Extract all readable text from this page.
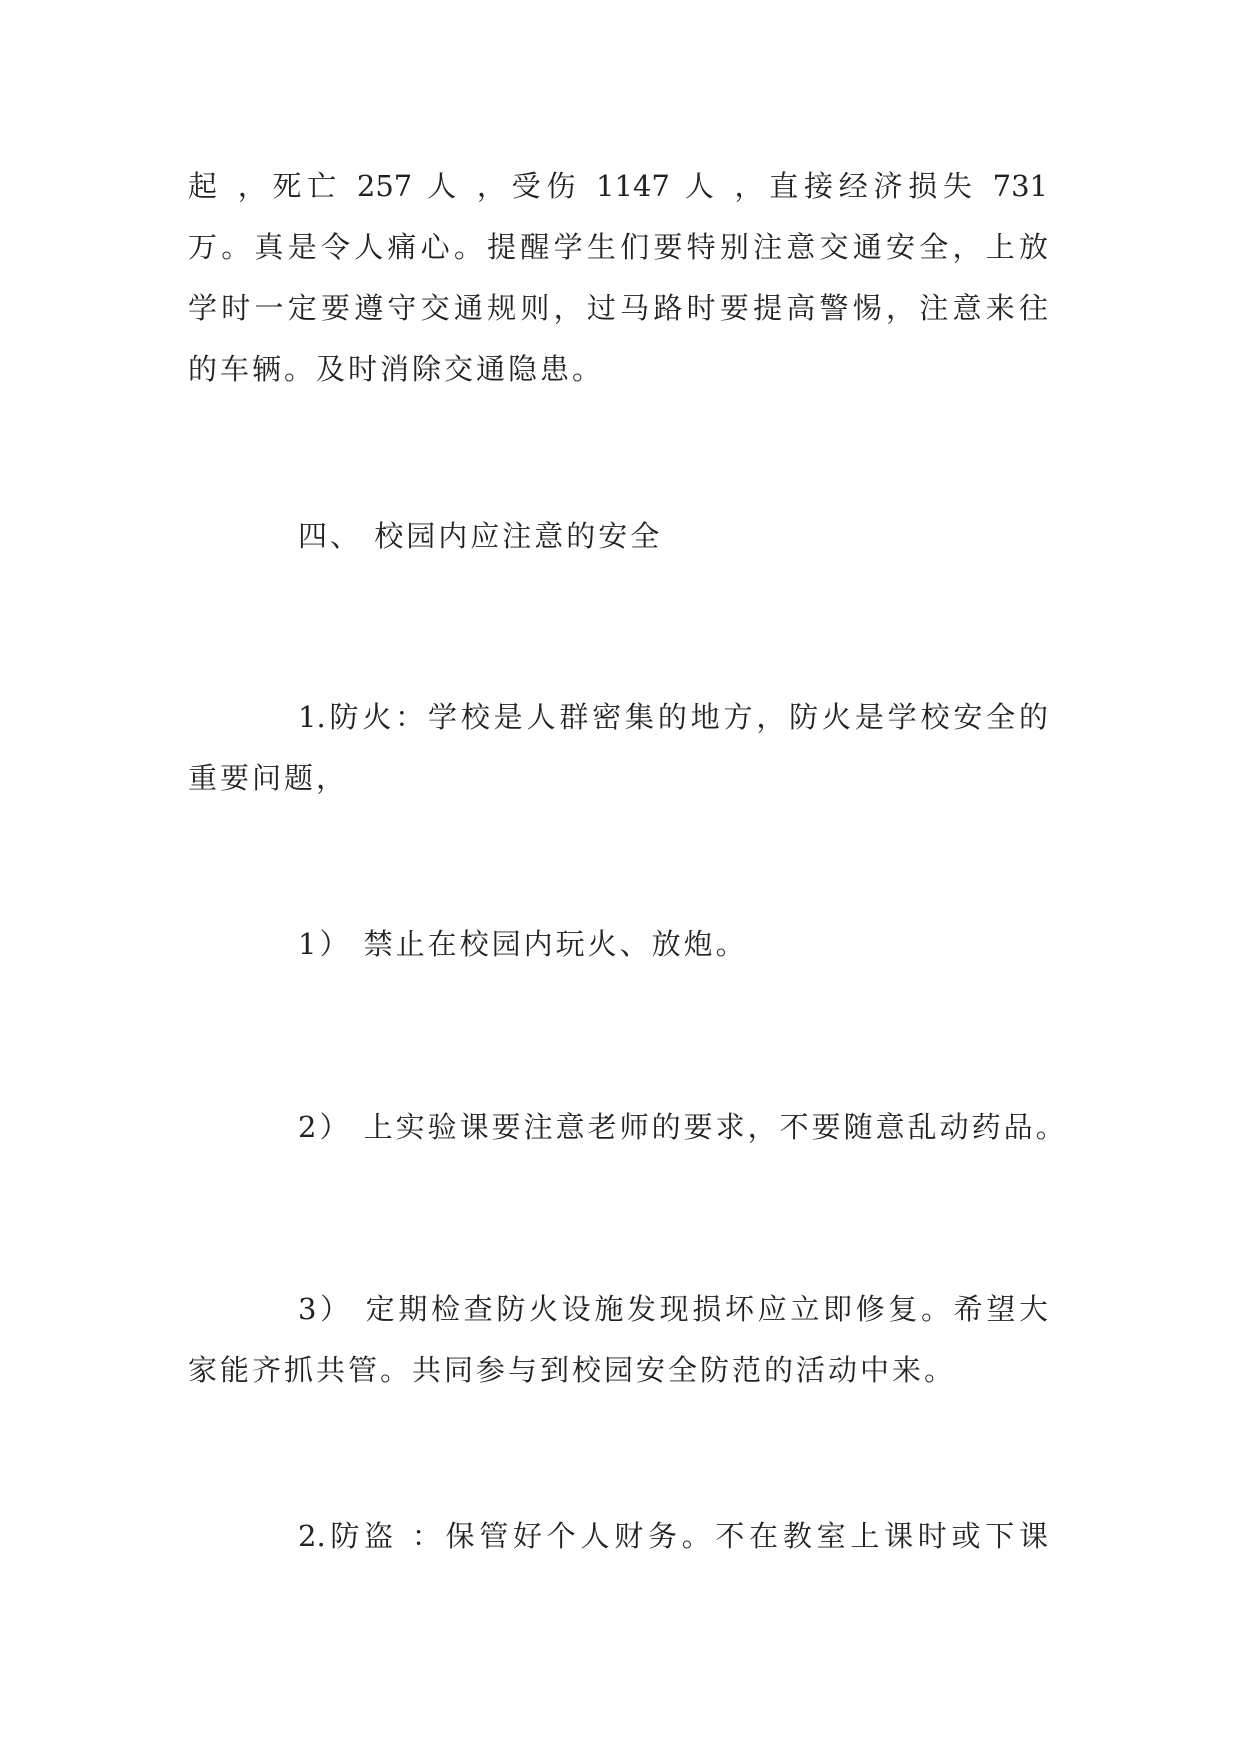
起 ，死亡 257 人 ，受伤 1147 人 ，直接经济损失 731
万。真是令人痛心。提醒学生们要特别注意交通安全，上放
学时一定要遵守交通规则，过马路时要提高警惕，注意来往
的车辆。及时消除交通隐患。
四、 校园内应注意的安全
1.防火：学校是人群密集的地方，防火是学校安全的
重要问题，
1） 禁止在校园内玩火、放炮。
2） 上实验课要注意老师的要求，不要随意乱动药品。
3） 定期检查防火设施发现损坏应立即修复。希望大
家能齐抓共管。共同参与到校园安全防范的活动中来。
2.防盗 ：保管好个人财务。不在教室上课时或下课
